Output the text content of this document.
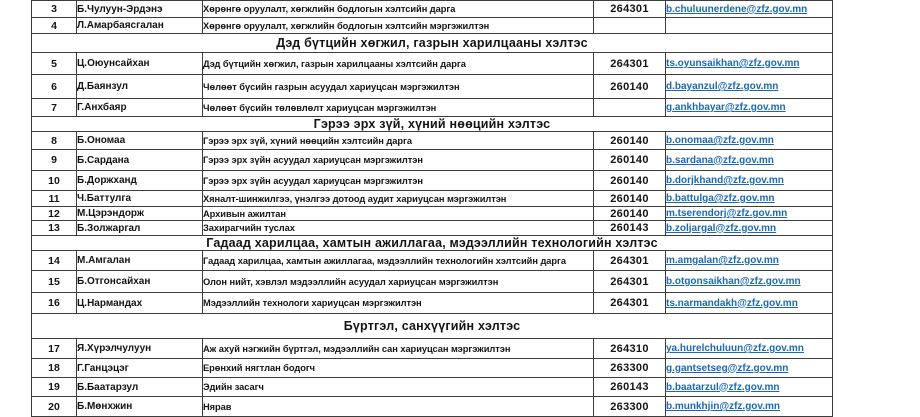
3	Б.Чулуун-Эрдэнэ	Хөрөнгө оруулалт, хөгжлийн бодлогын хэлтсийн дарга	264301	b.chuluunerdene@zfz.gov.mn
4	Л.Амарбаясгалан	Хөрөнгө оруулалт, хөгжлийн бодлогын хэлтсийн мэргэжилтэн		
Дэд бүтцийн хөгжил, газрын харилцааны хэлтэс				
5	Ц.Оюунсайхан	Дэд бүтцийн хөгжил, газрын харилцааны хэлтсийн дарга	264301	ts.oyunsaikhan@zfz.gov.mn
6	Д.Баянзул	Чөлөөт бүсийн газрын асуудал хариуцсан мэргэжилтэн	260140	d.bayanzul@zfz.gov.mn
7	Г.Анхбаяр	Чөлөөт бүсийн төлөвлөлт хариуцсан мэргэжилтэн		g.ankhbayar@zfz.gov.mn
Гэрээ эрх зүй, хүний нөөцийн хэлтэс				
8	Б.Ономаа	Гэрээ эрх зүй, хүний нөөцийн хэлтсийн дарга	260140	b.onomaa@zfz.gov.mn
9	Б.Сардана	Гэрээ эрх зүйн асуудал хариуцсан мэргэжилтэн	260140	b.sardana@zfz.gov.mn
10	Б.Доржханд	Гэрээ эрх зүйн асуудал хариуцсан мэргэжилтэн	260140	b.dorjkhand@zfz.gov.mn
11	Ч.Баттулга	Хяналт-шинжилгээ, үнэлгээ дотоод аудит хариуцсан мэргэжилтэн	260140	b.battulga@zfz.gov.mn
12	М.Цэрэндорж	Архивын ажилтан	260140	m.tserendorj@zfz.gov.mn
13	Б.Золжаргал	Захирагчийн туслах	260143	b.zoljargal@zfz.gov.mn
Гадаад харилцаа, хамтын ажиллагаа, мэдээллийн технологийн хэлтэс				
14	М.Амгалан	Гадаад харилцаа, хамтын ажиллагаа, мэдээллийн технологийн хэлтсийн дарга	264301	m.amgalan@zfz.gov.mn
15	Б.Отгонсайхан	Олон нийт, хэвлэл мэдээллийн асуудал хариуцсан мэргэжилтэн	264301	b.otgonsaikhan@zfz.gov.mn
16	Ц.Нармандах	Мэдээллийн технологи хариуцсан мэргэжилтэн	264301	ts.narmandakh@zfz.gov.mn
Бүртгэл, санхүүгийн хэлтэс				
17	Я.Хүрэлчулуун	Аж ахуй нэгжийн бүртгэл, мэдээллийн сан хариуцсан мэргэжилтэн	264310	ya.hurelchuluun@zfz.gov.mn
18	Г.Ганцэцэг	Ерөнхий нягтлан бодогч	263300	g.gantsetseg@zfz.gov.mn
19	Б.Баатарзул	Эдийн засагч	260143	b.baatarzul@zfz.gov.mn
20	Б.Мөнхжин	Нярав	263300	b.munkhjin@zfz.gov.mn
